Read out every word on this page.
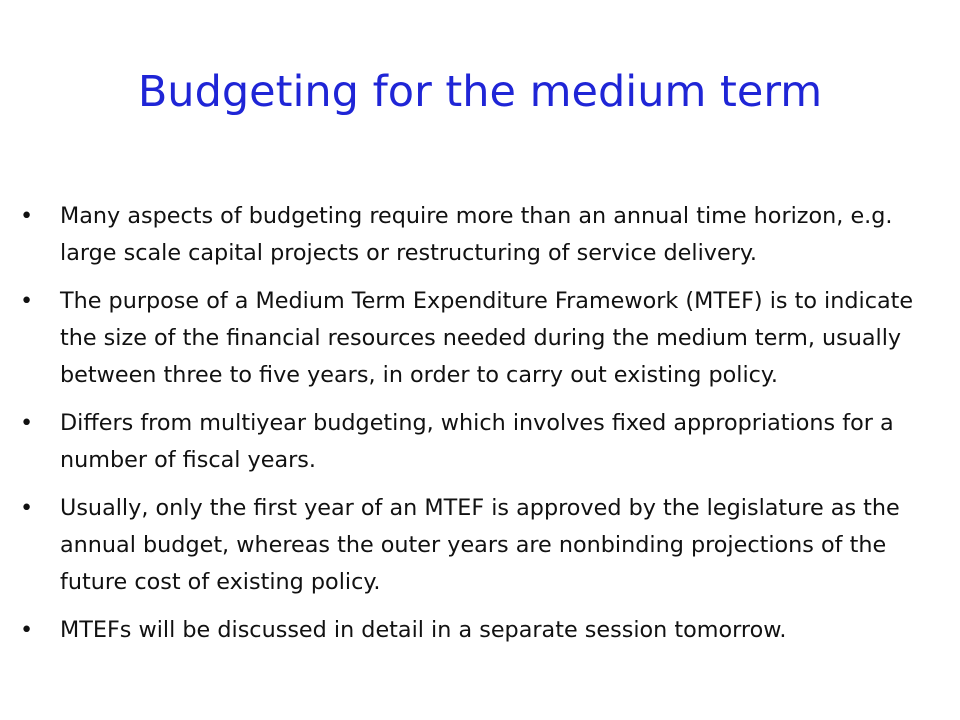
Budgeting for the medium term
•	Many aspects of budgeting require more than an annual time horizon, e.g. large scale capital projects or restructuring of service delivery.
•	The purpose of a Medium Term Expenditure Framework (MTEF) is to indicate the size of the financial resources needed during the medium term, usually between three to five years, in order to carry out existing policy.
•	Differs from multiyear budgeting, which involves fixed appropriations for a number of fiscal years.
•	Usually, only the first year of an MTEF is approved by the legislature as the annual budget, whereas the outer years are nonbinding projections of the future cost of existing policy.
•	MTEFs will be discussed in detail in a separate session tomorrow.
